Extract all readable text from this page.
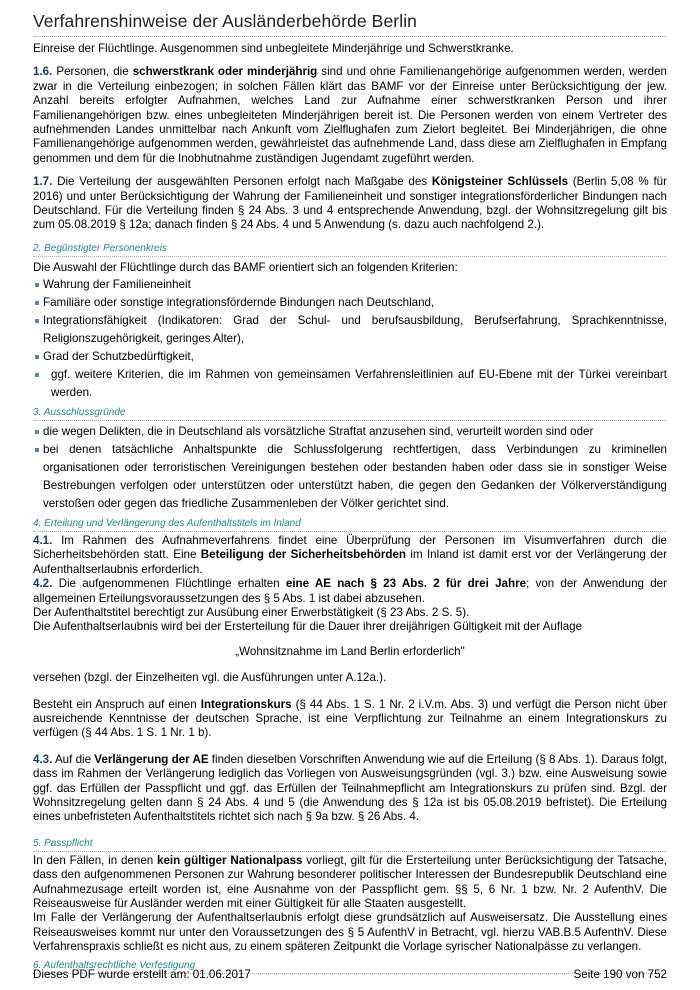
Verfahrenshinweise der Ausländerbehörde Berlin

Einreise der Flüchtlinge. Ausgenommen sind unbegleitete Minderjährige und Schwerstkranke.

1.6. Personen, die schwerstkrank oder minderjährig sind und ohne Familienangehörige aufgenommen werden, werden zwar in die Verteilung einbezogen; in solchen Fällen klärt das BAMF vor der Einreise unter Berücksichtigung der jew. Anzahl bereits erfolgter Aufnahmen, welches Land zur Aufnahme einer schwerstkranken Person und ihrer Familienangehörigen bzw. eines unbegleiteten Minderjährigen bereit ist. Die Personen werden von einem Vertreter des aufnehmenden Landes unmittelbar nach Ankunft vom Zielflughafen zum Zielort begleitet. Bei Minderjährigen, die ohne Familienangehörige aufgenommen werden, gewährleistet das aufnehmende Land, dass diese am Zielflughafen in Empfang genommen und dem für die Inobhutnahme zuständigen Jugendamt zugeführt werden.

1.7. Die Verteilung der ausgewählten Personen erfolgt nach Maßgabe des Königsteiner Schlüssels (Berlin 5,08 % für 2016) und unter Berücksichtigung der Wahrung der Familieneinheit und sonstiger integrationsförderlicher Bindungen nach Deutschland. Für die Verteilung finden § 24 Abs. 3 und 4 entsprechende Anwendung, bzgl. der Wohnsitzregelung gilt bis zum 05.08.2019 § 12a; danach finden § 24 Abs. 4 und 5 Anwendung (s. dazu auch nachfolgend 2.).

2. Begünstigter Personenkreis

Die Auswahl der Flüchtlinge durch das BAMF orientiert sich an folgenden Kriterien:

Wahrung der Familieneinheit
Familiäre oder sonstige integrationsfördernde Bindungen nach Deutschland,
Integrationsfähigkeit (Indikatoren: Grad der Schul- und berufsausbildung, Berufserfahrung, Sprachkenntnisse, Religionszugehörigkeit, geringes Alter),
Grad der Schutzbedürftigkeit,
ggf. weitere Kriterien, die im Rahmen von gemeinsamen Verfahrensleitlinien auf EU-Ebene mit der Türkei vereinbart werden.
3. Ausschlussgründe
die wegen Delikten, die in Deutschland als vorsätzliche Straftat anzusehen sind, verurteilt worden sind oder
bei denen tatsächliche Anhaltspunkte die Schlussfolgerung rechtfertigen, dass Verbindungen zu kriminellen organisationen oder terroristischen Vereinigungen bestehen oder bestanden haben oder dass sie in sonstiger Weise Bestrebungen verfolgen oder unterstützen oder unterstützt haben, die gegen den Gedanken der Völkerverständigung verstoßen oder gegen das friedliche Zusammenleben der Völker gerichtet sind.
4. Erteilung und Verlängerung des Aufenthaltstitels im Inland

4.1. Im Rahmen des Aufnahmeverfahrens findet eine Überprüfung der Personen im Visumverfahren durch die Sicherheitsbehörden statt. Eine Beteiligung der Sicherheitsbehörden im Inland ist damit erst vor der Verlängerung der Aufenthaltserlaubnis erforderlich.

4.2. Die aufgenommenen Flüchtlinge erhalten eine AE nach § 23 Abs. 2 für drei Jahre; von der Anwendung der allgemeinen Erteilungsvoraussetzungen des § 5 Abs. 1 ist dabei abzusehen.

Der Aufenthaltstitel berechtigt zur Ausübung einer Erwerbstätigkeit (§ 23 Abs. 2 S. 5).

Die Aufenthaltserlaubnis wird bei der Ersterteilung für die Dauer ihrer dreijährigen Gültigkeit mit der Auflage

„Wohnsitznahme im Land Berlin erforderlich"

versehen (bzgl. der Einzelheiten vgl. die Ausführungen unter A.12a.).

Besteht ein Anspruch auf einen Integrationskurs (§ 44 Abs. 1 S. 1 Nr. 2 i.V.m. Abs. 3) und verfügt die Person nicht über ausreichende Kenntnisse der deutschen Sprache, ist eine Verpflichtung zur Teilnahme an einem Integrationskurs zu verfügen (§ 44 Abs. 1 S. 1 Nr. 1 b).

4.3. Auf die Verlängerung der AE finden dieselben Vorschriften Anwendung wie auf die Erteilung (§ 8 Abs. 1). Daraus folgt, dass im Rahmen der Verlängerung lediglich das Vorliegen von Ausweisungsgründen (vgl. 3.) bzw. eine Ausweisung sowie ggf. das Erfüllen der Passpflicht und ggf. das Erfüllen der Teilnahmepflicht am Integrationskurs zu prüfen sind. Bzgl. der Wohnsitzregelung gelten dann § 24 Abs. 4 und 5 (die Anwendung des § 12a ist bis 05.08.2019 befristet). Die Erteilung eines unbefristeten Aufenthaltstitels richtet sich nach § 9a bzw. § 26 Abs. 4.

5. Passpflicht

In den Fällen, in denen kein gültiger Nationalpass vorliegt, gilt für die Ersterteilung unter Berücksichtigung der Tatsache, dass den aufgenommenen Personen zur Wahrung besonderer politischer Interessen der Bundesrepublik Deutschland eine Aufnahmezusage erteilt worden ist, eine Ausnahme von der Passpflicht gem. §§ 5, 6 Nr. 1 bzw. Nr. 2 AufenthV. Die Reiseausweise für Ausländer werden mit einer Gültigkeit für alle Staaten ausgestellt.

Im Falle der Verlängerung der Aufenthaltserlaubnis erfolgt diese grundsätzlich auf Ausweisersatz. Die Ausstellung eines Reiseausweises kommt nur unter den Voraussetzungen des § 5 AufenthV in Betracht, vgl. hierzu VAB.B.5 AufenthV. Diese Verfahrenspraxis schließt es nicht aus, zu einem späteren Zeitpunkt die Vorlage syrischer Nationalpässe zu verlangen.

6. Aufenthaltsrechtliche Verfestigung
Dieses PDF wurde erstellt am: 01.06.2017	Seite 190 von 752
